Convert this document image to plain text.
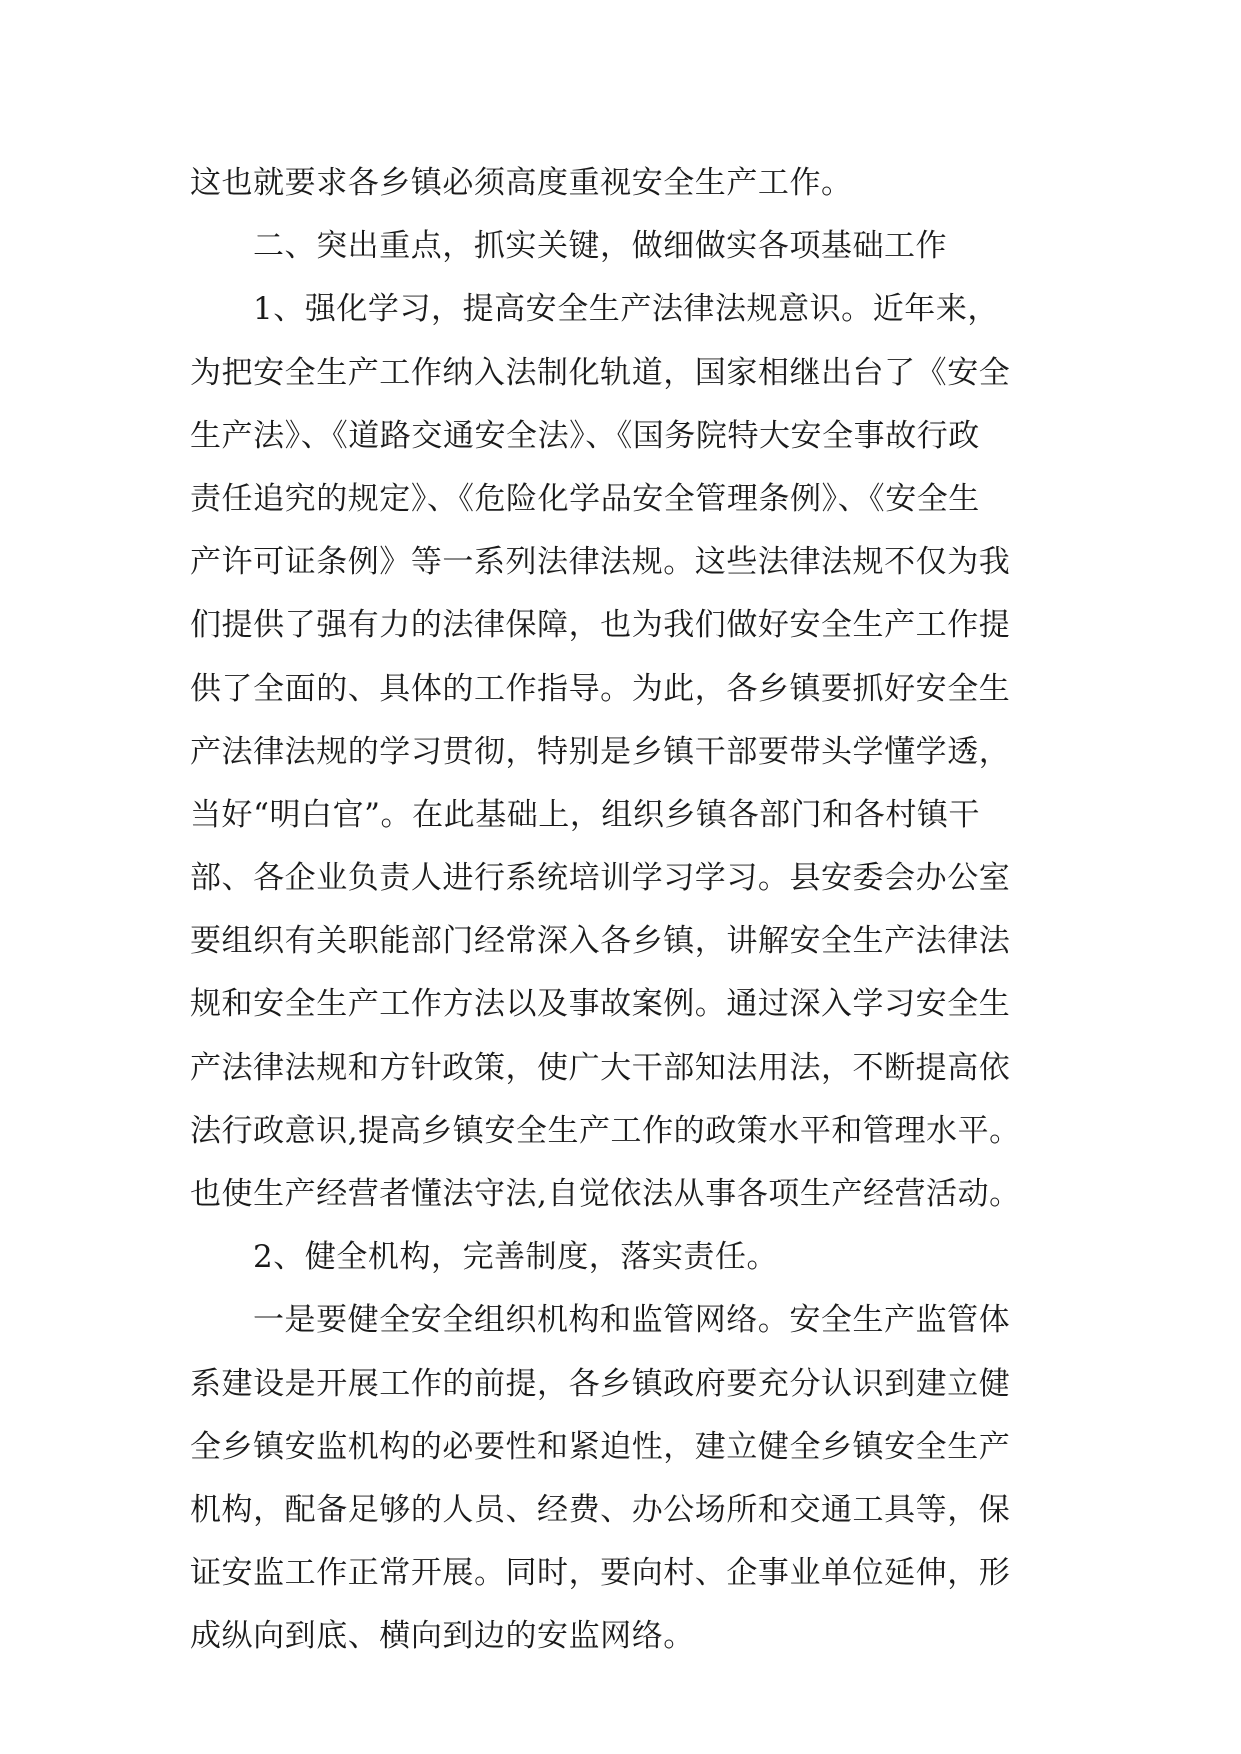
这也就要求各乡镇必须高度重视安全生产工作。
二、突出重点，抓实关键，做细做实各项基础工作
1、强化学习，提高安全生产法律法规意识。近年来，
为把安全生产工作纳入法制化轨道，国家相继出台了《安全
生产法》、《道路交通安全法》、《国务院特大安全事故行政
责任追究的规定》、《危险化学品安全管理条例》、《安全生
产许可证条例》等一系列法律法规。这些法律法规不仅为我
们提供了强有力的法律保障，也为我们做好安全生产工作提
供了全面的、具体的工作指导。为此，各乡镇要抓好安全生
产法律法规的学习贯彻，特别是乡镇干部要带头学懂学透，
当好“明白官”。在此基础上，组织乡镇各部门和各村镇干
部、各企业负责人进行系统培训学习学习。县安委会办公室
要组织有关职能部门经常深入各乡镇，讲解安全生产法律法
规和安全生产工作方法以及事故案例。通过深入学习安全生
产法律法规和方针政策，使广大干部知法用法，不断提高依
法行政意识,提高乡镇安全生产工作的政策水平和管理水平。
也使生产经营者懂法守法,自觉依法从事各项生产经营活动。
2、健全机构，完善制度，落实责任。
一是要健全安全组织机构和监管网络。安全生产监管体
系建设是开展工作的前提，各乡镇政府要充分认识到建立健
全乡镇安监机构的必要性和紧迫性，建立健全乡镇安全生产
机构，配备足够的人员、经费、办公场所和交通工具等，保
证安监工作正常开展。同时，要向村、企事业单位延伸，形
成纵向到底、横向到边的安监网络。
